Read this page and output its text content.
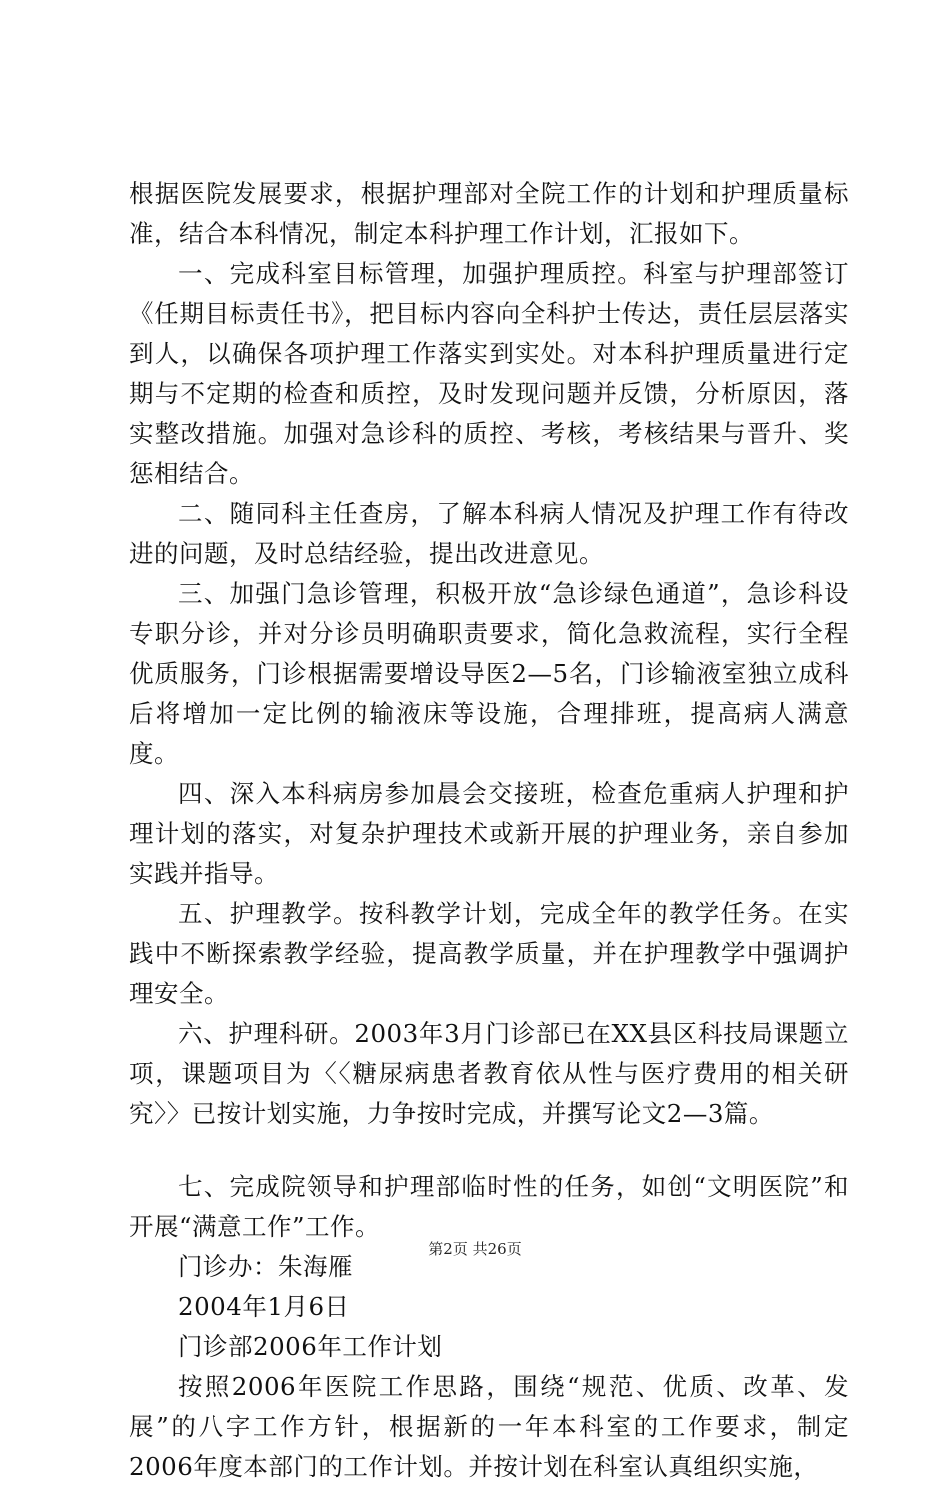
根据医院发展要求，根据护理部对全院工作的计划和护理质量标准，结合本科情况，制定本科护理工作计划，汇报如下。

一、完成科室目标管理，加强护理质控。科室与护理部签订《任期目标责任书》，把目标内容向全科护士传达，责任层层落实到人，以确保各项护理工作落实到实处。对本科护理质量进行定期与不定期的检查和质控，及时发现问题并反馈，分析原因，落实整改措施。加强对急诊科的质控、考核，考核结果与晋升、奖惩相结合。

二、随同科主任查房，了解本科病人情况及护理工作有待改进的问题，及时总结经验，提出改进意见。

三、加强门急诊管理，积极开放“急诊绿色通道”，急诊科设专职分诊，并对分诊员明确职责要求，简化急救流程，实行全程优质服务，门诊根据需要增设导医2—5名，门诊输液室独立成科后将增加一定比例的输液床等设施，合理排班，提高病人满意度。

四、深入本科病房参加晨会交接班，检查危重病人护理和护理计划的落实，对复杂护理技术或新开展的护理业务，亲自参加实践并指导。

五、护理教学。按科教学计划，完成全年的教学任务。在实践中不断探索教学经验，提高教学质量，并在护理教学中强调护理安全。

六、护理科研。2003年3月门诊部已在XX县区科技局课题立项，课题项目为〈〈糖尿病患者教育依从性与医疗费用的相关研究〉〉已按计划实施，力争按时完成，并撰写论文2—3篇。

七、完成院领导和护理部临时性的任务，如创“文明医院”和开展“满意工作”工作。

门诊办：朱海雁

2004年1月6日

门诊部2006年工作计划

按照2006年医院工作思路，围绕“规范、优质、改革、发展”的八字工作方针，根据新的一年本科室的工作要求，制定2006年度本部门的工作计划。并按计划在科室认真组织实施，

第2页 共26页
